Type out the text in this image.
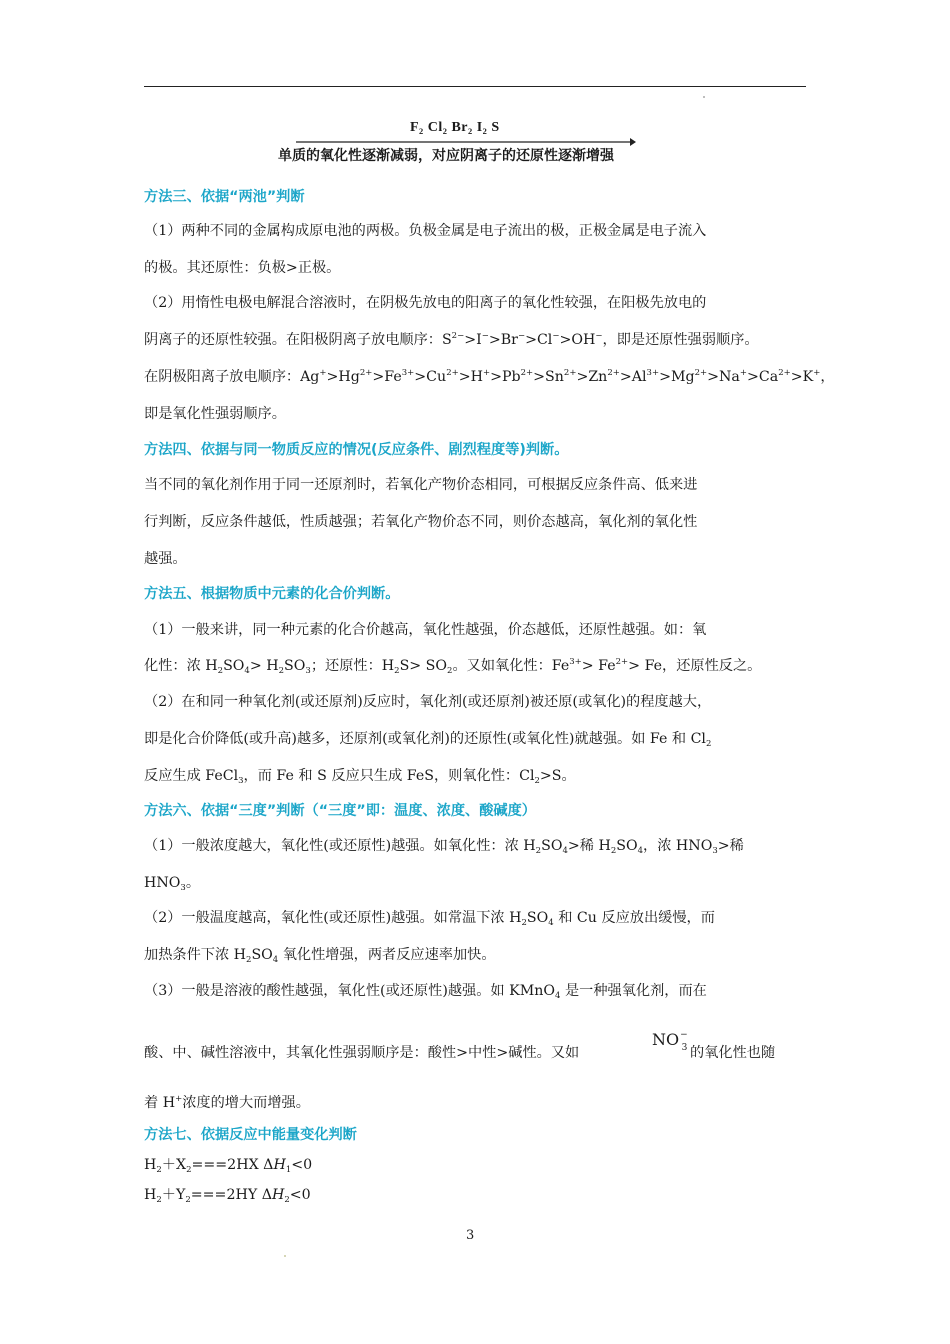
F₂ Cl₂ Br₂ I₂ S
单质的氧化性逐渐减弱，对应阴离子的还原性逐渐增强
方法三、依据“两池”判断
（1）两种不同的金属构成原电池的两极。负极金属是电子流出的极，正极金属是电子流入
的极。其还原性：负极>正极。
（2）用惰性电极电解混合溶液时，在阴极先放电的阳离子的氧化性较强，在阳极先放电的
阴离子的还原性较强。在阳极阴离子放电顺序：$S^{2-}>I^->Br^->Cl^->OH^-$，即是还原性强弱顺序。
在阴极阳离子放电顺序：$Ag^+>Hg^{2+}>Fe^{3+}>Cu^{2+}>H^+>Pb^{2+}>Sn^{2+}>Zn^{2+}>Al^{3+}>Mg^{2+}>Na^+>Ca^{2+}>K^+$，
即是氧化性强弱顺序。
方法四、依据与同一物质反应的情况(反应条件、剧烈程度等)判断。
当不同的氧化剂作用于同一还原剂时，若氧化产物价态相同，可根据反应条件高、低来进
行判断，反应条件越低，性质越强；若氧化产物价态不同，则价态越高，氧化剂的氧化性
越强。
方法五、根据物质中元素的化合价判断。
（1）一般来讲，同一种元素的化合价越高，氧化性越强，价态越低，还原性越强。如：氧
化性：浓 $H_2SO_4> H_2SO_3$；还原性：$H_2S> SO_2$。又如氧化性：$Fe^{3+}> Fe^{2+}> Fe$，还原性反之。
（2）在和同一种氧化剂(或还原剂)反应时，氧化剂(或还原剂)被还原(或氧化)的程度越大，
即是化合价降低(或升高)越多，还原剂(或氧化剂)的还原性(或氧化性)就越强。如 Fe 和 $Cl_2$
反应生成 FeCl$_3$，而 Fe 和 S 反应只生成 FeS，则氧化性：$Cl_2>S$。
方法六、依据“三度”判断（“三度”即：温度、浓度、酸碱度）
（1）一般浓度越大，氧化性(或还原性)越强。如氧化性：浓 $H_2SO_4>$稀 $H_2SO_4$，浓 $HNO_3>$稀
$HNO_3$。
（2）一般温度越高，氧化性(或还原性)越强。如常温下浓 $H_2SO_4$ 和 Cu 反应放出缓慢，而
加热条件下浓 $H_2SO_4$ 氧化性增强，两者反应速率加快。
（3）一般是溶液的酸性越强，氧化性(或还原性)越强。如 KMnO$_4$ 是一种强氧化剂，而在
酸、中、碱性溶液中，其氧化性强弱顺序是：酸性>中性>碱性。又如
$NO^-_3$ 的氧化性也随
着 H+浓度的增大而增强。
方法七、依据反应中能量变化判断
$H_2+X_2===2HX$ $\Delta H_1<0$
$H_2+Y_2===2HY$ $\Delta H_2<0$
3
